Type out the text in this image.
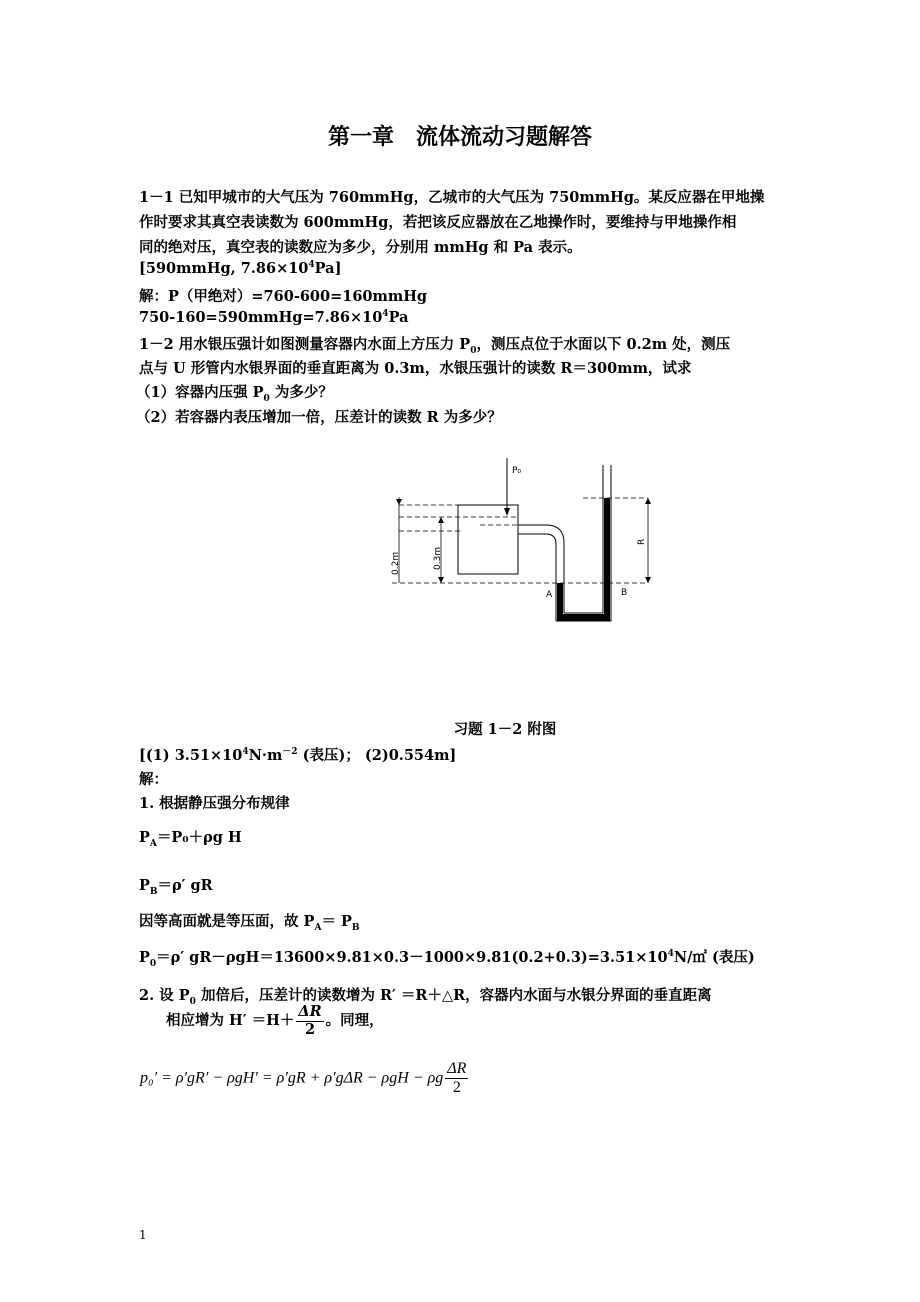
第一章　流体流动习题解答
1－1 已知甲城市的大气压为 760mmHg，乙城市的大气压为 750mmHg。某反应器在甲地操
作时要求其真空表读数为 600mmHg，若把该反应器放在乙地操作时，要维持与甲地操作相
同的绝对压，真空表的读数应为多少，分别用 mmHg 和 Pa 表示。
[590mmHg, $7.86\times 10^4Pa$]
解：P（甲绝对）=760-600=160mmHg
$750-160=590mmHg=7.86\times 10^4Pa$
1－2 用水银压强计如图测量容器内水面上方压力 $P_0$，测压点位于水面以下 0.2m 处，测压
点与 U 形管内水银界面的垂直距离为 0.3m，水银压强计的读数 R＝300mm，试求
（1）容器内压强 $P_0$ 为多少？
（2）若容器内表压增加一倍，压差计的读数 R 为多少？
P₀
0.2m	0.3m
R
A	B
习题 1－2 附图
[(1) $3.51\times 10^4N\cdot m^{-2}$ (表压)； (2)0.554m]
解：
1. 根据静压强分布规律
$P_A=P_0+\rho g$ H
$P_B=\rho'$ gR
因等高面就是等压面，故 $P_A= P_B$
$P_0=\rho'$ $gR-\rho gH=13600\times 9.81\times 0.3-1000\times 9.81(0.2+0.3)=3.51\times 10^4N/㎡$ (表压)
2. 设 $P_0$ 加倍后，压差计的读数增为 R′ ＝R＋△R，容器内水面与水银分界面的垂直距离
相应增为 $H' =H+ \frac{\Delta R}{2}$ 。同理，
p₀′ = ρ′gR′ − ρgH′ = ρ′gR + ρ′gΔR − ρgH − ρg $\frac{\Delta R}{2}$
1
